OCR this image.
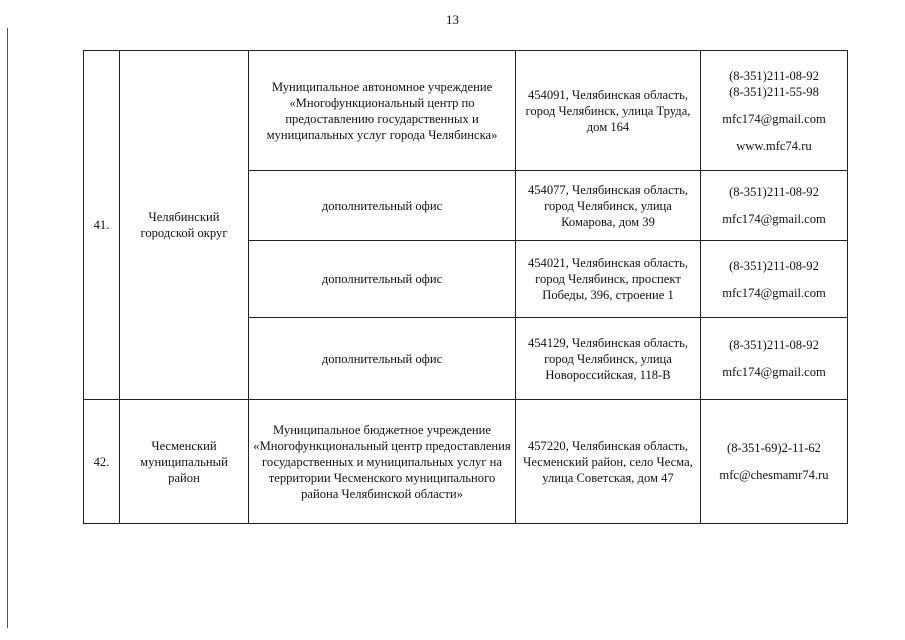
13
41.	Челябинский городской округ	Муниципальное автономное учреждение «Многофункциональный центр по предоставлению государственных и муниципальных услуг города Челябинска»	454091, Челябинская область, город Челябинск, улица Труда, дом 164	(8-351)211-08-92
(8-351)211-55-98
mfc174@gmail.com
www.mfc74.ru

		дополнительный офис	454077, Челябинская область, город Челябинск, улица Комарова, дом 39	(8-351)211-08-92
mfc174@gmail.com

		дополнительный офис	454021, Челябинская область, город Челябинск, проспект Победы, 396, строение 1	(8-351)211-08-92
mfc174@gmail.com

		дополнительный офис	454129, Челябинская область, город Челябинск, улица Новороссийская, 118-В	(8-351)211-08-92
mfc174@gmail.com

42.	Чесменский муниципальный район	Муниципальное бюджетное учреждение «Многофункциональный центр предоставления государственных и муниципальных услуг на территории Чесменского муниципального района Челябинской области»	457220, Челябинская область, Чесменский район, село Чесма, улица Советская, дом 47	(8-351-69)2-11-62
mfc@chesmamr74.ru
